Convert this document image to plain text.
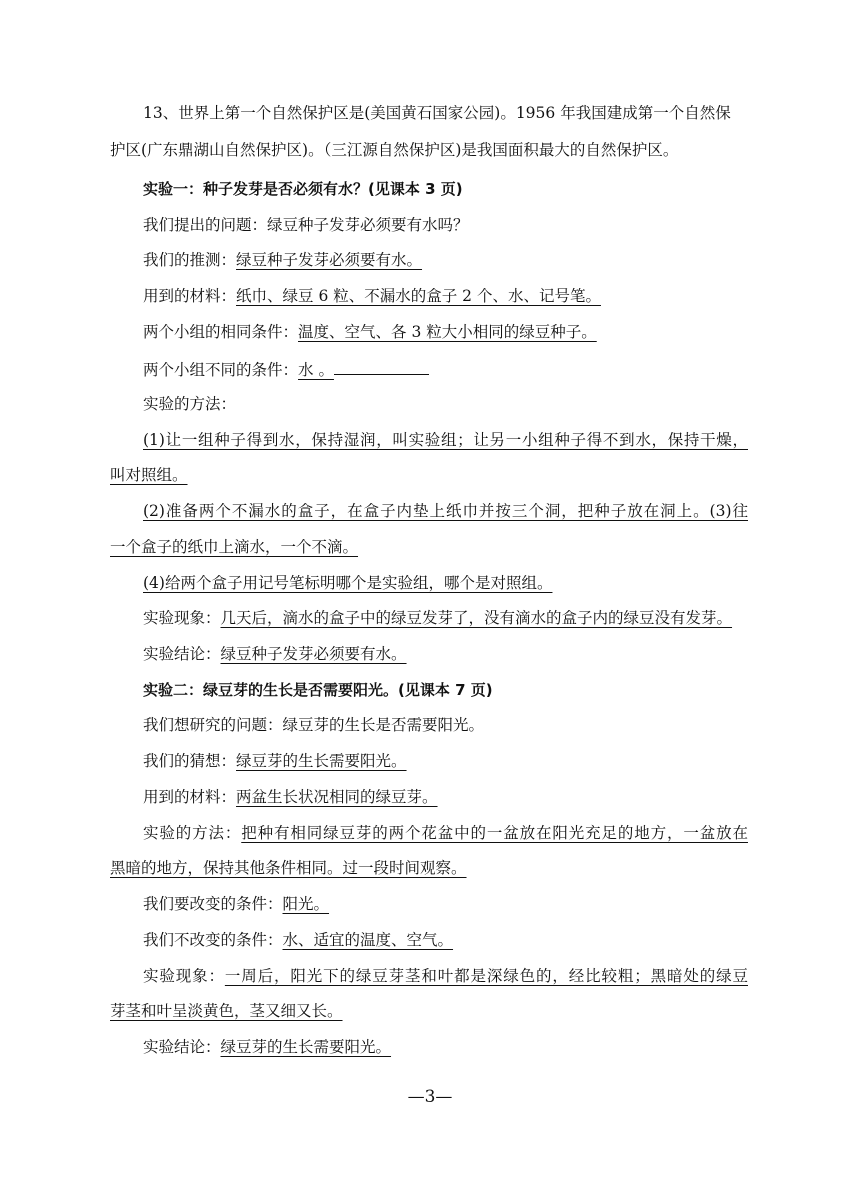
13、世界上第一个自然保护区是(美国黄石国家公园)。1956 年我国建成第一个自然保
护区(广东鼎湖山自然保护区)。（三江源自然保护区)是我国面积最大的自然保护区。
实验一：种子发芽是否必须有水？(见课本 3 页)
我们提出的问题：绿豆种子发芽必须要有水吗？
我们的推测：绿豆种子发芽必须要有水。
用到的材料：纸巾、绿豆 6 粒、不漏水的盒子 2 个、水、记号笔。
两个小组的相同条件：温度、空气、各 3 粒大小相同的绿豆种子。
两个小组不同的条件：水 。
实验的方法：
(1)让一组种子得到水，保持湿润，叫实验组；让另一小组种子得不到水，保持干燥，
叫对照组。
(2)准备两个不漏水的盒子，在盒子内垫上纸巾并按三个洞，把种子放在洞上。(3)往
一个盒子的纸巾上滴水，一个不滴。
(4)给两个盒子用记号笔标明哪个是实验组，哪个是对照组。
实验现象：几天后，滴水的盒子中的绿豆发芽了，没有滴水的盒子内的绿豆没有发芽。
实验结论：绿豆种子发芽必须要有水。
实验二：绿豆芽的生长是否需要阳光。(见课本 7 页)
我们想研究的问题：绿豆芽的生长是否需要阳光。
我们的猜想：绿豆芽的生长需要阳光。
用到的材料：两盆生长状况相同的绿豆芽。
实验的方法：把种有相同绿豆芽的两个花盆中的一盆放在阳光充足的地方，一盆放在
黑暗的地方，保持其他条件相同。过一段时间观察。
我们要改变的条件：阳光。
我们不改变的条件：水、适宜的温度、空气。
实验现象：一周后，阳光下的绿豆芽茎和叶都是深绿色的，经比较粗；黑暗处的绿豆
芽茎和叶呈淡黄色，茎又细又长。
实验结论：绿豆芽的生长需要阳光。
—3—
